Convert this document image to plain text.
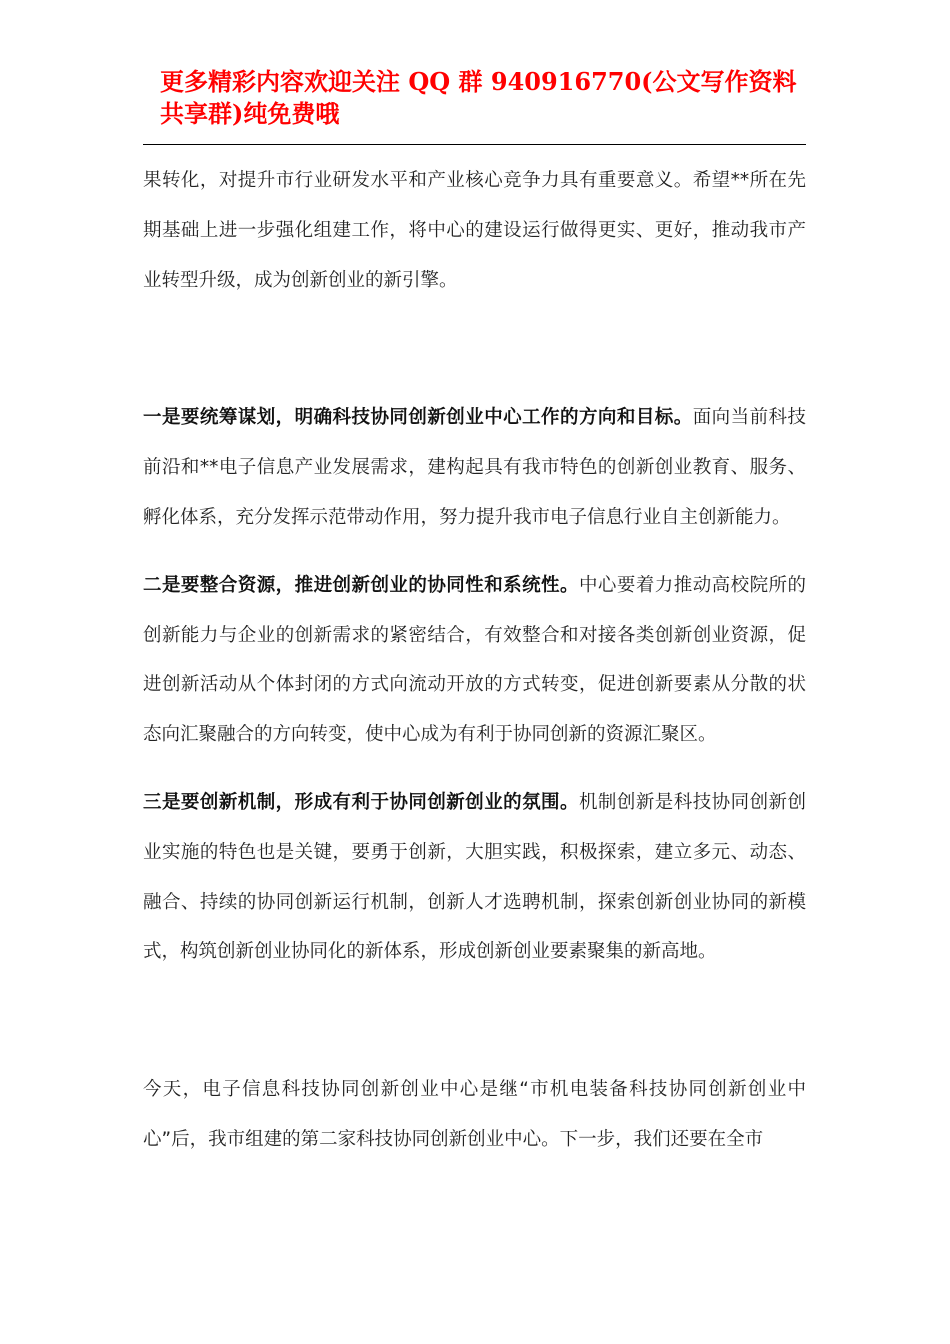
更多精彩内容欢迎关注 QQ 群 940916770(公文写作资料共享群)纯免费哦

果转化，对提升市行业研发水平和产业核心竞争力具有重要意义。希望**所在先期基础上进一步强化组建工作，将中心的建设运行做得更实、更好，推动我市产业转型升级，成为创新创业的新引擎。

一是要统筹谋划，明确科技协同创新创业中心工作的方向和目标。面向当前科技前沿和**电子信息产业发展需求，建构起具有我市特色的创新创业教育、服务、孵化体系，充分发挥示范带动作用，努力提升我市电子信息行业自主创新能力。

二是要整合资源，推进创新创业的协同性和系统性。中心要着力推动高校院所的创新能力与企业的创新需求的紧密结合，有效整合和对接各类创新创业资源，促进创新活动从个体封闭的方式向流动开放的方式转变，促进创新要素从分散的状态向汇聚融合的方向转变，使中心成为有利于协同创新的资源汇聚区。

三是要创新机制，形成有利于协同创新创业的氛围。机制创新是科技协同创新创业实施的特色也是关键，要勇于创新，大胆实践，积极探索，建立多元、动态、融合、持续的协同创新运行机制，创新人才选聘机制，探索创新创业协同的新模式，构筑创新创业协同化的新体系，形成创新创业要素聚集的新高地。

今天，电子信息科技协同创新创业中心是继“市机电装备科技协同创新创业中心”后，我市组建的第二家科技协同创新创业中心。下一步，我们还要在全市
